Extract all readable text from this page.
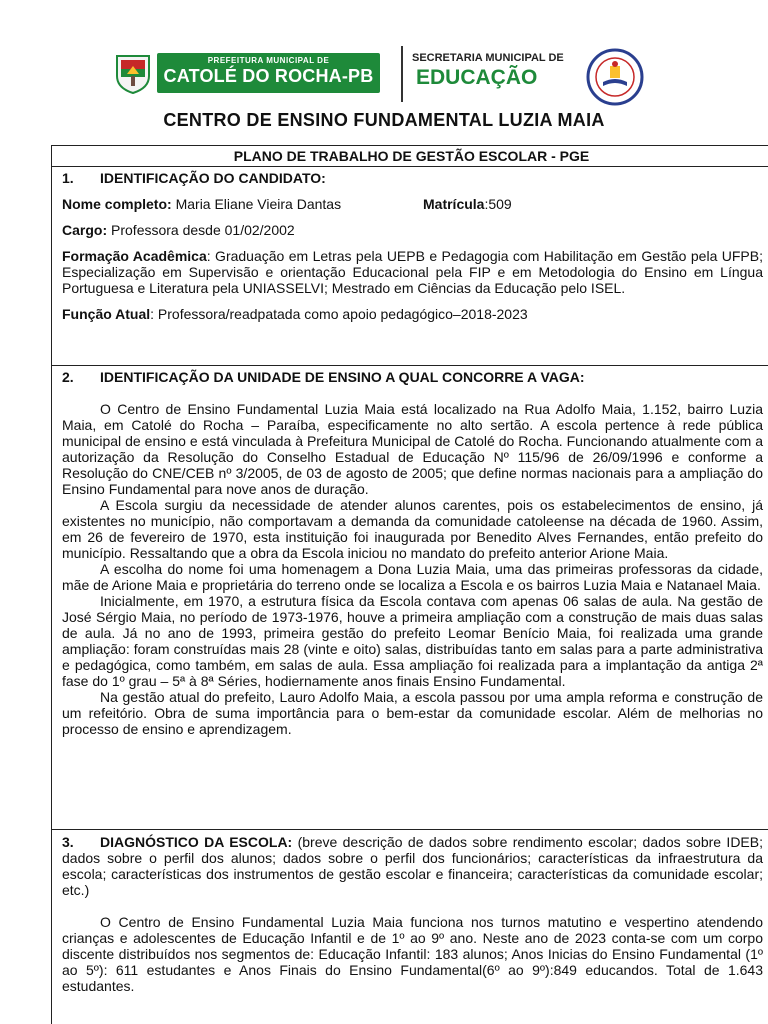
PREFEITURA MUNICIPAL DE
CATOLÉ DO ROCHA-PB
SECRETARIA MUNICIPAL DE
EDUCAÇÃO
CENTRO DE ENSINO FUNDAMENTAL LUZIA MAIA
PLANO DE TRABALHO DE GESTÃO ESCOLAR - PGE
1. IDENTIFICAÇÃO DO CANDIDATO:
Nome completo: Maria Eliane Vieira Dantas	Matrícula:509
Cargo: Professora desde 01/02/2002
Formação Acadêmica: Graduação em Letras pela UEPB e Pedagogia com Habilitação em Gestão pela UFPB; Especialização em Supervisão e orientação Educacional pela FIP e em Metodologia do Ensino em Língua Portuguesa e Literatura pela UNIASSELVI; Mestrado em Ciências da Educação pelo ISEL.
Função Atual: Professora/readpatada como apoio pedagógico–2018-2023
2. IDENTIFICAÇÃO DA UNIDADE DE ENSINO A QUAL CONCORRE A VAGA:

O Centro de Ensino Fundamental Luzia Maia está localizado na Rua Adolfo Maia, 1.152, bairro Luzia Maia, em Catolé do Rocha – Paraíba, especificamente no alto sertão. A escola pertence à rede pública municipal de ensino e está vinculada à Prefeitura Municipal de Catolé do Rocha. Funcionando atualmente com a autorização da Resolução do Conselho Estadual de Educação Nº 115/96 de 26/09/1996 e conforme a Resolução do CNE/CEB nº 3/2005, de 03 de agosto de 2005; que define normas nacionais para a ampliação do Ensino Fundamental para nove anos de duração.

A Escola surgiu da necessidade de atender alunos carentes, pois os estabelecimentos de ensino, já existentes no município, não comportavam a demanda da comunidade catoleense na década de 1960. Assim, em 26 de fevereiro de 1970, esta instituição foi inaugurada por Benedito Alves Fernandes, então prefeito do município. Ressaltando que a obra da Escola iniciou no mandato do prefeito anterior Arione Maia.

A escolha do nome foi uma homenagem a Dona Luzia Maia, uma das primeiras professoras da cidade, mãe de Arione Maia e proprietária do terreno onde se localiza a Escola e os bairros Luzia Maia e Natanael Maia.

Inicialmente, em 1970, a estrutura física da Escola contava com apenas 06 salas de aula. Na gestão de José Sérgio Maia, no período de 1973-1976, houve a primeira ampliação com a construção de mais duas salas de aula. Já no ano de 1993, primeira gestão do prefeito Leomar Benício Maia, foi realizada uma grande ampliação: foram construídas mais 28 (vinte e oito) salas, distribuídas tanto em salas para a parte administrativa e pedagógica, como também, em salas de aula. Essa ampliação foi realizada para a implantação da antiga 2ª fase do 1º grau – 5ª à 8ª Séries, hodiernamente anos finais Ensino Fundamental.

Na gestão atual do prefeito, Lauro Adolfo Maia, a escola passou por uma ampla reforma e construção de um refeitório. Obra de suma importância para o bem-estar da comunidade escolar. Além de melhorias no processo de ensino e aprendizagem.

3. DIAGNÓSTICO DA ESCOLA: (breve descrição de dados sobre rendimento escolar; dados sobre IDEB; dados sobre o perfil dos alunos; dados sobre o perfil dos funcionários; características da infraestrutura da escola; características dos instrumentos de gestão escolar e financeira; características da comunidade escolar; etc.)

O Centro de Ensino Fundamental Luzia Maia funciona nos turnos matutino e vespertino atendendo crianças e adolescentes de Educação Infantil e de 1º ao 9º ano. Neste ano de 2023 conta-se com um corpo discente distribuídos nos segmentos de: Educação Infantil: 183 alunos; Anos Inicias do Ensino Fundamental (1º ao 5º): 611 estudantes e Anos Finais do Ensino Fundamental(6º ao 9º):849 educandos. Total de 1.643 estudantes.
